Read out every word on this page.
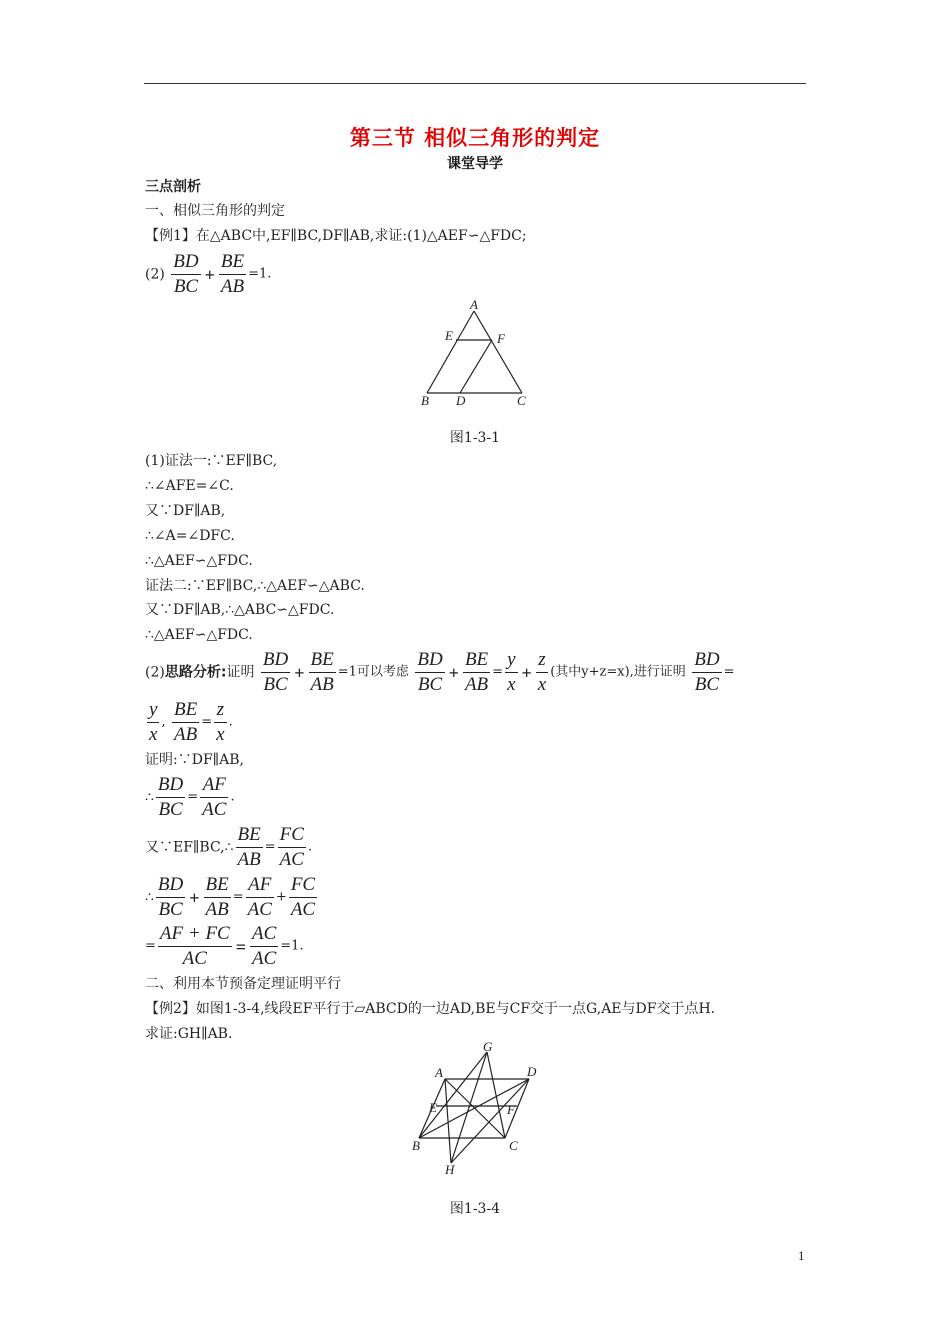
第三节 相似三角形的判定
课堂导学
三点剖析
一、相似三角形的判定
【例1】在△ABC中,EF∥BC,DF∥AB,求证:(1)△AEF∽△FDC;
$(2) \frac{BD}{BC} + \frac{BE}{AB} =1$.
A
E	F
B D	C
图1-3-1
(1)证法一:∵EF∥BC,
∴∠AFE=∠C.
又∵DF∥AB,
∴∠A=∠DFC.
∴△AEF∽△FDC.
证法二:∵EF∥BC,∴△AEF∽△ABC.
又∵DF∥AB,∴△ABC∽△FDC.
∴△AEF∽△FDC.
(2)思路分析:证明 $\frac{BD}{BC} + \frac{BE}{AB} =1$可以考虑 $\frac{BD}{BC} + \frac{BE}{AB} = \frac{y}{x} + \frac{z}{x}$ (其中y+z=x),进行证明 $\frac{BD}{BC}$ =
$\frac{y}{x}$ , $\frac{BE}{AB} = \frac{z}{x}$ .
证明:∵DF∥AB,
∴ $\frac{BD}{BC} = \frac{AF}{AC}$ .
又∵EF∥BC,∴ $\frac{BE}{AB} = \frac{FC}{AC}$ .
∴ $\frac{BD}{BC} + \frac{BE}{AB} = \frac{AF}{AC} + \frac{FC}{AC}$
= $\frac{AF + FC}{AC} = \frac{AC}{AC} =1$.
二、利用本节预备定理证明平行
【例2】如图1-3-4,线段EF平行于▱ABCD的一边AD,BE与CF交于一点G,AE与DF交于点H.
求证:GH∥AB.
G
A	D
E	F
B	C
H
图1-3-4
1
